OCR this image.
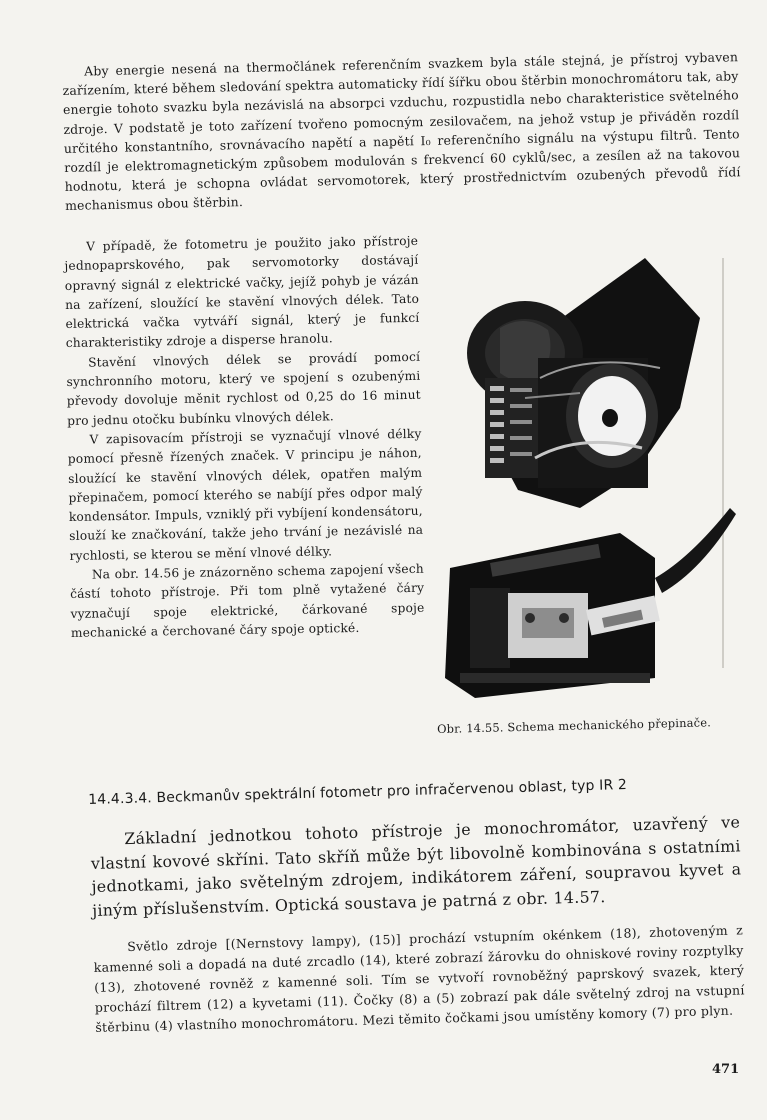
Aby energie nesená na thermočlánek referenčním svazkem byla stále stejná, je přístroj vybaven zařízením, které během sledování spektra automaticky řídí šířku obou štěrbin monochromátoru tak, aby energie tohoto svazku byla nezávislá na absorpci vzduchu, rozpustidla nebo charakteristice světelného zdroje. V podstatě je toto zařízení tvořeno pomocným zesilovačem, na jehož vstup je přiváděn rozdíl určitého konstantního, srovnávacího napětí a napětí I₀ referenčního signálu na výstupu filtrů. Tento rozdíl je elektromagnetickým způsobem modulován s frekvencí 60 cyklů/sec, a zesílen až na takovou hodnotu, která je schopna ovládat servomotorek, který prostřednictvím ozubených převodů řídí mechanismus obou štěrbin.

V případě, že fotometru je použito jako přístroje jednopaprskového, pak servomotorky dostávají opravný signál z elektrické vačky, jejíž pohyb je vázán na zařízení, sloužící ke stavění vlnových délek. Tato elektrická vačka vytváří signál, který je funkcí charakteristiky zdroje a disperse hranolu.

Stavění vlnových délek se provádí pomocí synchronního motoru, který ve spojení s ozubenými převody dovoluje měnit rychlost od 0,25 do 16 minut pro jednu otočku bubínku vlnových délek.

V zapisovacím přístroji se vyznačují vlnové délky pomocí přesně řízených značek. V principu je náhon, sloužící ke stavění vlnových délek, opatřen malým přepinačem, pomocí kterého se nabíjí přes odpor malý kondensátor. Impuls, vzniklý při vybíjení kondensátoru, slouží ke značkování, takže jeho trvání je nezávislé na rychlosti, se kterou se mění vlnové délky.

Na obr. 14.56 je znázorněno schema zapojení všech částí tohoto přístroje. Při tom plně vytažené čáry vyznačují spoje elektrické, čárkované spoje mechanické a čerchované čáry spoje optické.

Obr. 14.55. Schema mechanického přepinače.
14.4.3.4. Beckmanův spektrální fotometr pro infračervenou oblast, typ IR 2

Základní jednotkou tohoto přístroje je monochromátor, uzavřený ve vlastní kovové skříni. Tato skříň může být libovolně kombinována s ostatními jednotkami, jako světelným zdrojem, indikátorem záření, soupravou kyvet a jiným příslušenstvím. Optická soustava je patrná z obr. 14.57.

Světlo zdroje [(Nernstovy lampy), (15)] prochází vstupním okénkem (18), zhotoveným z kamenné soli a dopadá na duté zrcadlo (14), které zobrazí žárovku do ohniskové roviny rozptylky (13), zhotovené rovněž z kamenné soli. Tím se vytvoří rovnoběžný paprskový svazek, který prochází filtrem (12) a kyvetami (11). Čočky (8) a (5) zobrazí pak dále světelný zdroj na vstupní štěrbinu (4) vlastního monochromátoru. Mezi těmito čočkami jsou umístěny komory (7) pro plyn.

471
